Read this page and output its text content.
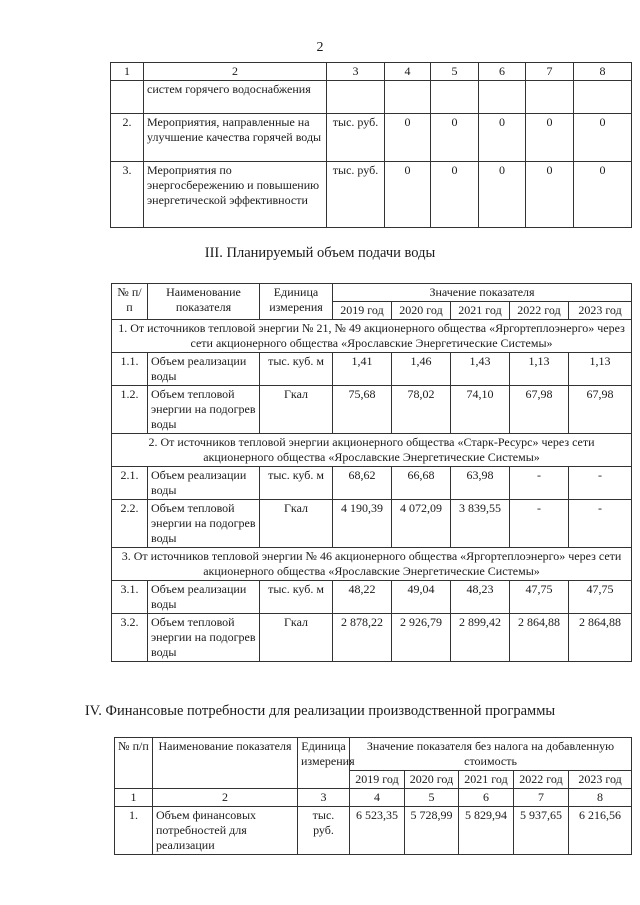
2
1	2	3	4	5	6	7	8
	систем горячего водоснабжения						
2.	Мероприятия, направленные на улучшение качества горячей воды	тыс. руб.	0	0	0	0	0
3.	Мероприятия по энергосбережению и повышению энергетической эффективности	тыс. руб.	0	0	0	0	0
III. Планируемый объем подачи воды
№ п/п	Наименование показателя	Единица измерения	Значение показателя				
			2019 год	2020 год	2021 год	2022 год	2023 год
1. От источников тепловой энергии № 21, № 49 акционерного общества «Яргортеплоэнерго» через сети акционерного общества «Ярославские Энергетические Системы»							
1.1.	Объем реализации воды	тыс. куб. м	1,41	1,46	1,43	1,13	1,13
1.2.	Объем тепловой энергии на подогрев воды	Гкал	75,68	78,02	74,10	67,98	67,98
2. От источников тепловой энергии акционерного общества «Старк-Ресурс» через сети акционерного общества «Ярославские Энергетические Системы»							
2.1.	Объем реализации воды	тыс. куб. м	68,62	66,68	63,98	-	-
2.2.	Объем тепловой энергии на подогрев воды	Гкал	4 190,39	4 072,09	3 839,55	-	-
3. От источников тепловой энергии № 46 акционерного общества «Яргортеплоэнерго» через сети акционерного общества «Ярославские Энергетические Системы»							
3.1.	Объем реализации воды	тыс. куб. м	48,22	49,04	48,23	47,75	47,75
3.2.	Объем тепловой энергии на подогрев воды	Гкал	2 878,22	2 926,79	2 899,42	2 864,88	2 864,88
IV. Финансовые потребности для реализации производственной программы
№ п/п	Наименование показателя	Единица измерения	Значение показателя без налога на добавленную стоимость				
			2019 год	2020 год	2021 год	2022 год	2023 год
1	2	3	4	5	6	7	8
1.	Объем финансовых потребностей для реализации	тыс. руб.	6 523,35	5 728,99	5 829,94	5 937,65	6 216,56
